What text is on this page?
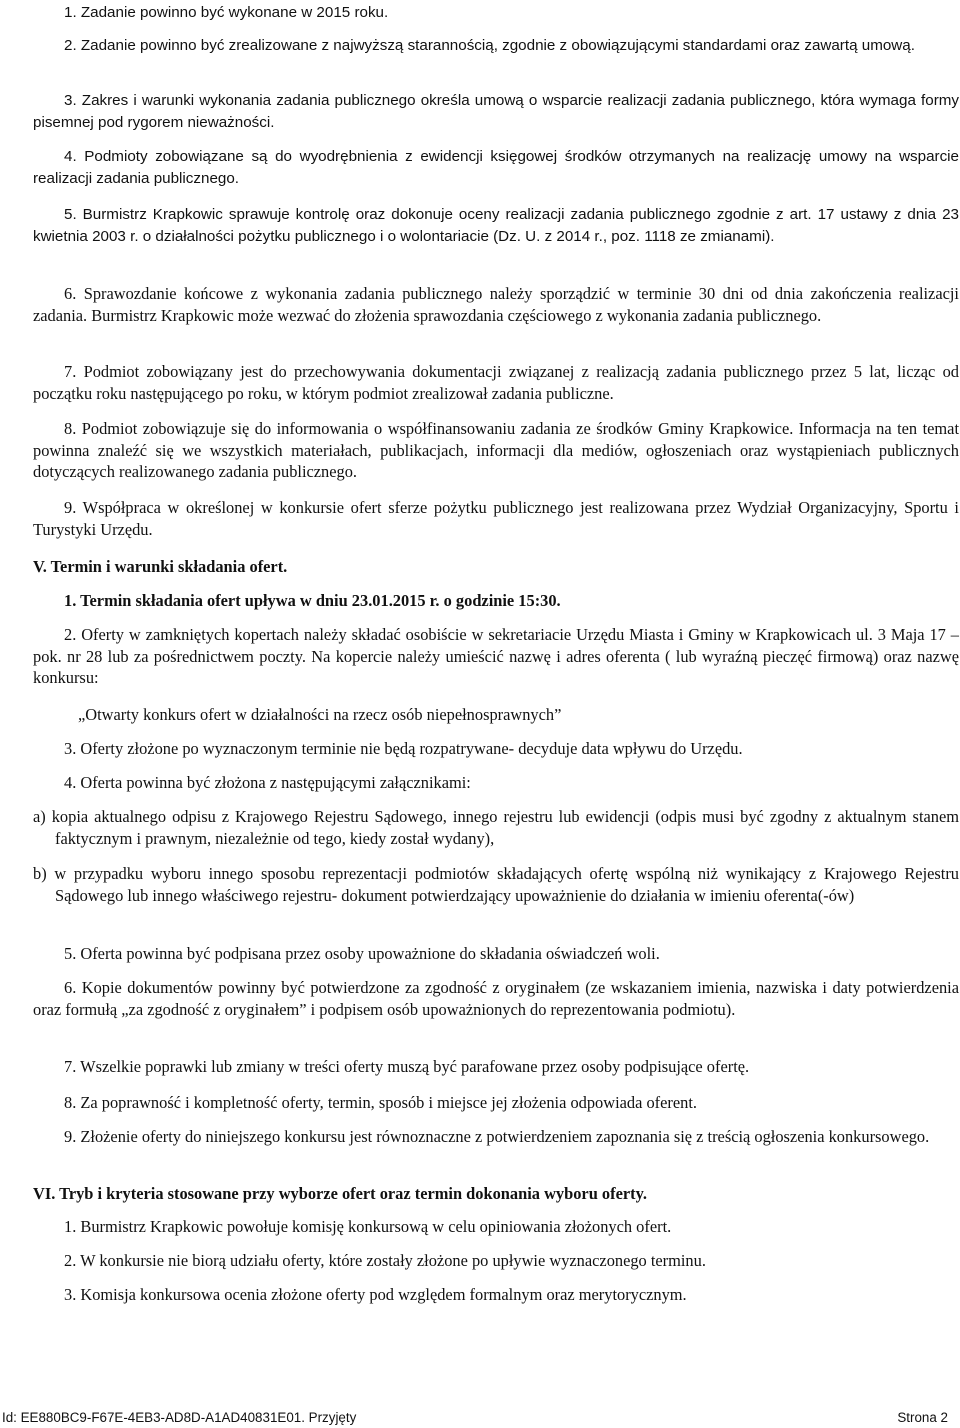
1. Zadanie powinno być wykonane w 2015 roku.

2. Zadanie powinno być zrealizowane z najwyższą starannością, zgodnie z obowiązującymi standardami oraz zawartą umową.

3. Zakres i warunki wykonania zadania publicznego określa umową o wsparcie realizacji zadania publicznego, która wymaga formy pisemnej pod rygorem nieważności.

4. Podmioty zobowiązane są do wyodrębnienia z ewidencji księgowej środków otrzymanych na realizację umowy na wsparcie realizacji zadania publicznego.

5. Burmistrz Krapkowic sprawuje kontrolę oraz dokonuje oceny realizacji zadania publicznego zgodnie z art. 17 ustawy z dnia 23 kwietnia 2003 r. o działalności pożytku publicznego i o wolontariacie (Dz. U. z 2014 r., poz. 1118 ze zmianami).

6. Sprawozdanie końcowe z wykonania zadania publicznego należy sporządzić w terminie 30 dni od dnia zakończenia realizacji zadania. Burmistrz Krapkowic może wezwać do złożenia sprawozdania częściowego z wykonania zadania publicznego.

7. Podmiot zobowiązany jest do przechowywania dokumentacji związanej z realizacją zadania publicznego przez 5 lat, licząc od początku roku następującego po roku, w którym podmiot zrealizował zadania publiczne.

8. Podmiot zobowiązuje się do informowania o współfinansowaniu zadania ze środków Gminy Krapkowice. Informacja na ten temat powinna znaleźć się we wszystkich materiałach, publikacjach, informacji dla mediów, ogłoszeniach oraz wystąpieniach publicznych dotyczących realizowanego zadania publicznego.

9. Współpraca w określonej w konkursie ofert sferze pożytku publicznego jest realizowana przez Wydział Organizacyjny, Sportu i Turystyki Urzędu.

V. Termin i warunki składania ofert.

1. Termin składania ofert upływa w dniu 23.01.2015 r. o godzinie 15:30.

2. Oferty w zamkniętych kopertach należy składać osobiście w sekretariacie Urzędu Miasta i Gminy w Krapkowicach ul. 3 Maja 17 – pok. nr 28 lub za pośrednictwem poczty. Na kopercie należy umieścić nazwę i adres oferenta ( lub wyraźną pieczęć firmową) oraz nazwę konkursu:

„Otwarty konkurs ofert w działalności na rzecz osób niepełnosprawnych”

3. Oferty złożone po wyznaczonym terminie nie będą rozpatrywane- decyduje data wpływu do Urzędu.

4. Oferta powinna być złożona z następującymi załącznikami:

a) kopia aktualnego odpisu z Krajowego Rejestru Sądowego, innego rejestru lub ewidencji (odpis musi być zgodny z aktualnym stanem faktycznym i prawnym, niezależnie od tego, kiedy został wydany),

b) w przypadku wyboru innego sposobu reprezentacji podmiotów składających ofertę wspólną niż wynikający z Krajowego Rejestru Sądowego lub innego właściwego rejestru- dokument potwierdzający upoważnienie do działania w imieniu oferenta(-ów)

5. Oferta powinna być podpisana przez osoby upoważnione do składania oświadczeń woli.

6. Kopie dokumentów powinny być potwierdzone za zgodność z oryginałem (ze wskazaniem imienia, nazwiska i daty potwierdzenia oraz formułą „za zgodność z oryginałem” i podpisem osób upoważnionych do reprezentowania podmiotu).

7. Wszelkie poprawki lub zmiany w treści oferty muszą być parafowane przez osoby podpisujące ofertę.

8. Za poprawność i kompletność oferty, termin, sposób i miejsce jej złożenia odpowiada oferent.

9. Złożenie oferty do niniejszego konkursu jest równoznaczne z potwierdzeniem zapoznania się z treścią ogłoszenia konkursowego.

VI. Tryb i kryteria stosowane przy wyborze ofert oraz termin dokonania wyboru oferty.

1. Burmistrz Krapkowic powołuje komisję konkursową w celu opiniowania złożonych ofert.

2. W konkursie nie biorą udziału oferty, które zostały złożone po upływie wyznaczonego terminu.

3. Komisja konkursowa ocenia złożone oferty pod względem formalnym oraz merytorycznym.

Id: EE880BC9-F67E-4EB3-AD8D-A1AD40831E01. Przyjęty	Strona 2
